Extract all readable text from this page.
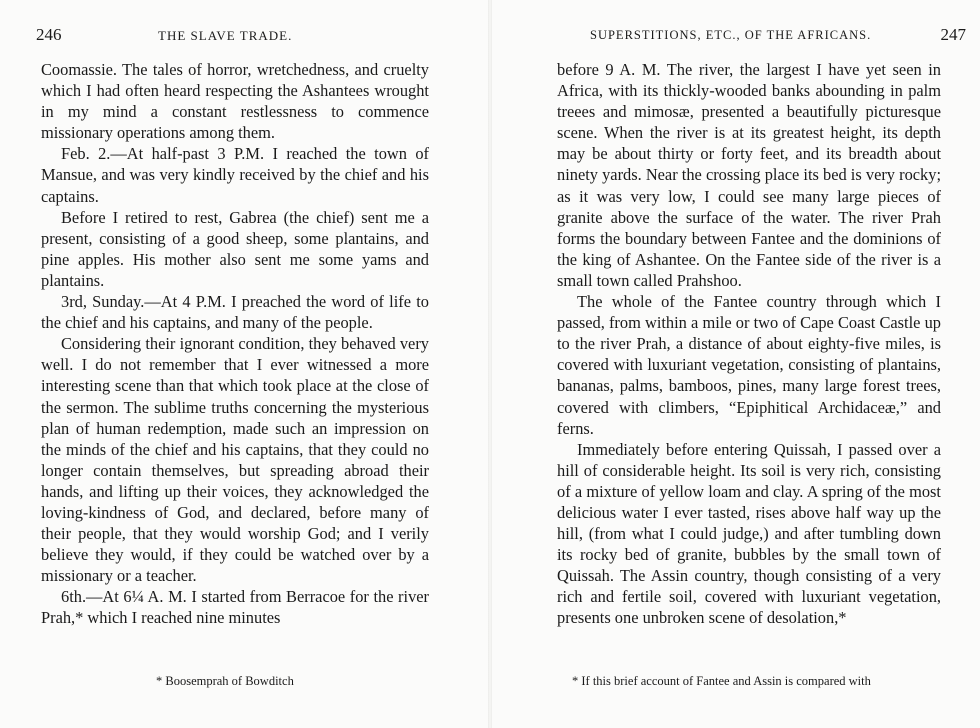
246	THE SLAVE TRADE.

Coomassie. The tales of horror, wretchedness, and cruelty which I had often heard respecting the Ashantees wrought in my mind a constant restlessness to commence missionary operations among them.

Feb. 2.—At half-past 3 P.M. I reached the town of Mansue, and was very kindly received by the chief and his captains.

Before I retired to rest, Gabrea (the chief) sent me a present, consisting of a good sheep, some plantains, and pine apples. His mother also sent me some yams and plantains.

3rd, Sunday.—At 4 P.M. I preached the word of life to the chief and his captains, and many of the people.

Considering their ignorant condition, they behaved very well. I do not remember that I ever witnessed a more interesting scene than that which took place at the close of the sermon. The sublime truths concerning the mysterious plan of human redemption, made such an impression on the minds of the chief and his captains, that they could no longer contain themselves, but spreading abroad their hands, and lifting up their voices, they acknowledged the loving-kindness of God, and declared, before many of their people, that they would worship God; and I verily believe they would, if they could be watched over by a missionary or a teacher.

6th.—At 6¼ A. M. I started from Berracoe for the river Prah,* which I reached nine minutes

* Boosemprah of Bowditch
SUPERSTITIONS, ETC., OF THE AFRICANS.	247

before 9 A. M. The river, the largest I have yet seen in Africa, with its thickly-wooded banks abounding in palm treees and mimosæ, presented a beautifully picturesque scene. When the river is at its greatest height, its depth may be about thirty or forty feet, and its breadth about ninety yards. Near the crossing place its bed is very rocky; as it was very low, I could see many large pieces of granite above the surface of the water. The river Prah forms the boundary between Fantee and the dominions of the king of Ashantee. On the Fantee side of the river is a small town called Prahshoo.

The whole of the Fantee country through which I passed, from within a mile or two of Cape Coast Castle up to the river Prah, a distance of about eighty-five miles, is covered with luxuriant vegetation, consisting of plantains, bananas, palms, bamboos, pines, many large forest trees, covered with climbers, “Epiphitical Archidaceæ,” and ferns.

Immediately before entering Quissah, I passed over a hill of considerable height. Its soil is very rich, consisting of a mixture of yellow loam and clay. A spring of the most delicious water I ever tasted, rises above half way up the hill, (from what I could judge,) and after tumbling down its rocky bed of granite, bubbles by the small town of Quissah. The Assin country, though consisting of a very rich and fertile soil, covered with luxuriant vegetation, presents one unbroken scene of desolation,*

* If this brief account of Fantee and Assin is compared with
